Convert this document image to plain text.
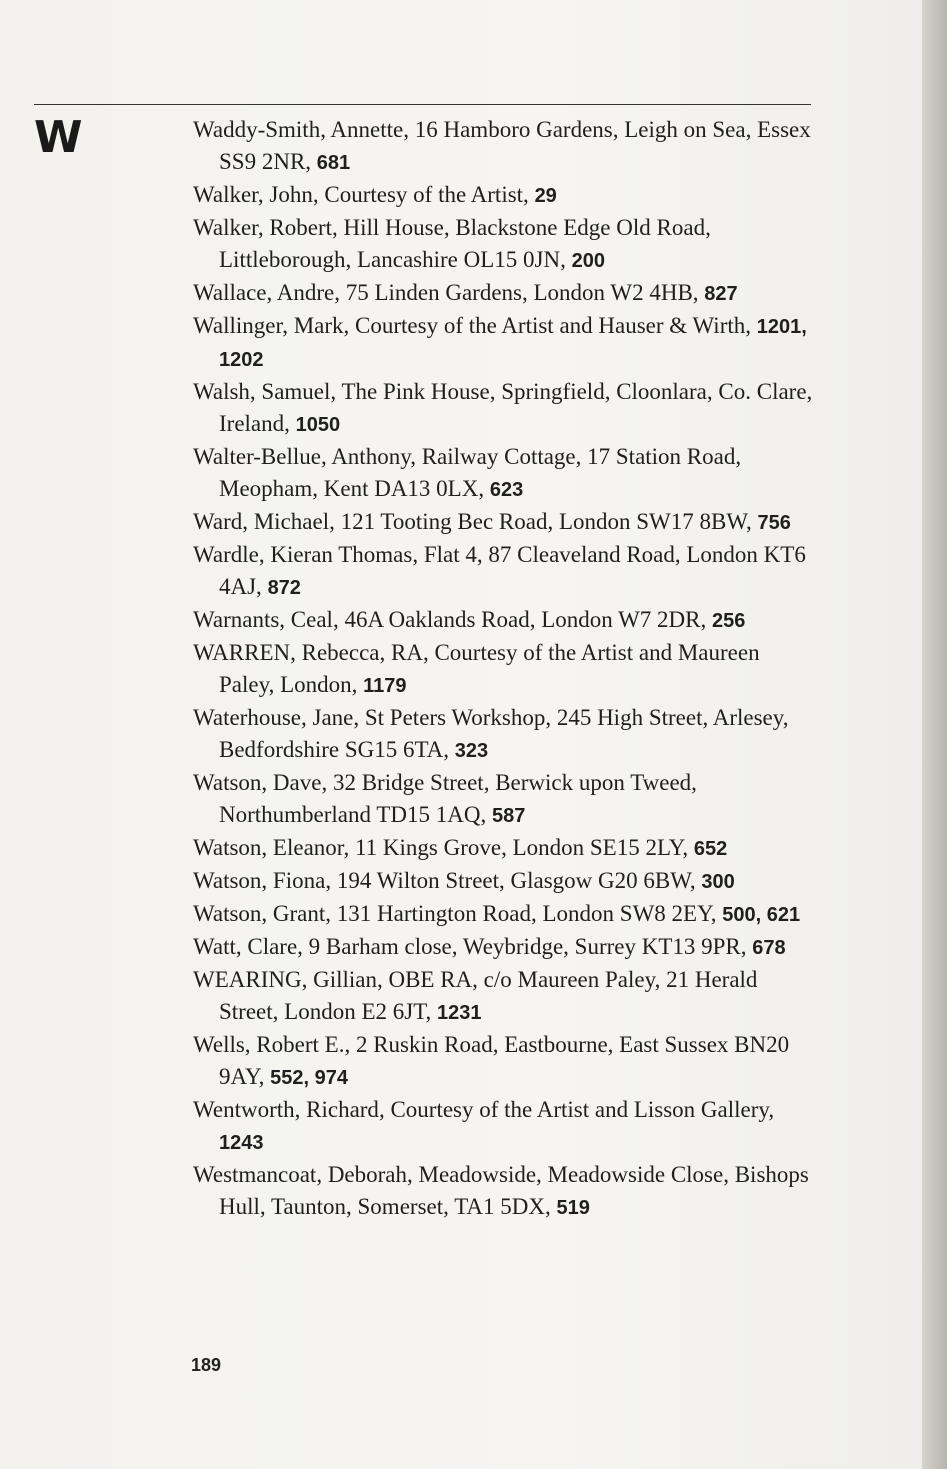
W	Waddy-Smith, Annette, 16 Hamboro Gardens, Leigh on Sea, Essex SS9 2NR, 681

Walker, John, Courtesy of the Artist, 29

Walker, Robert, Hill House, Blackstone Edge Old Road, Littleborough, Lancashire OL15 0JN, 200

Wallace, Andre, 75 Linden Gardens, London W2 4HB, 827

Wallinger, Mark, Courtesy of the Artist and Hauser & Wirth, 1201, 1202

Walsh, Samuel, The Pink House, Springfield, Cloonlara, Co. Clare, Ireland, 1050

Walter-Bellue, Anthony, Railway Cottage, 17 Station Road, Meopham, Kent DA13 0LX, 623

Ward, Michael, 121 Tooting Bec Road, London SW17 8BW, 756

Wardle, Kieran Thomas, Flat 4, 87 Cleaveland Road, London KT6 4AJ, 872

Warnants, Ceal, 46A Oaklands Road, London W7 2DR, 256

WARREN, Rebecca, RA, Courtesy of the Artist and Maureen Paley, London, 1179

Waterhouse, Jane, St Peters Workshop, 245 High Street, Arlesey, Bedfordshire SG15 6TA, 323

Watson, Dave, 32 Bridge Street, Berwick upon Tweed, Northumberland TD15 1AQ, 587

Watson, Eleanor, 11 Kings Grove, London SE15 2LY, 652

Watson, Fiona, 194 Wilton Street, Glasgow G20 6BW, 300

Watson, Grant, 131 Hartington Road, London SW8 2EY, 500, 621

Watt, Clare, 9 Barham close, Weybridge, Surrey KT13 9PR, 678

WEARING, Gillian, OBE RA, c/o Maureen Paley, 21 Herald Street, London E2 6JT, 1231

Wells, Robert E., 2 Ruskin Road, Eastbourne, East Sussex BN20 9AY, 552, 974

Wentworth, Richard, Courtesy of the Artist and Lisson Gallery, 1243

Westmancoat, Deborah, Meadowside, Meadowside Close, Bishops Hull, Taunton, Somerset, TA1 5DX, 519

189
